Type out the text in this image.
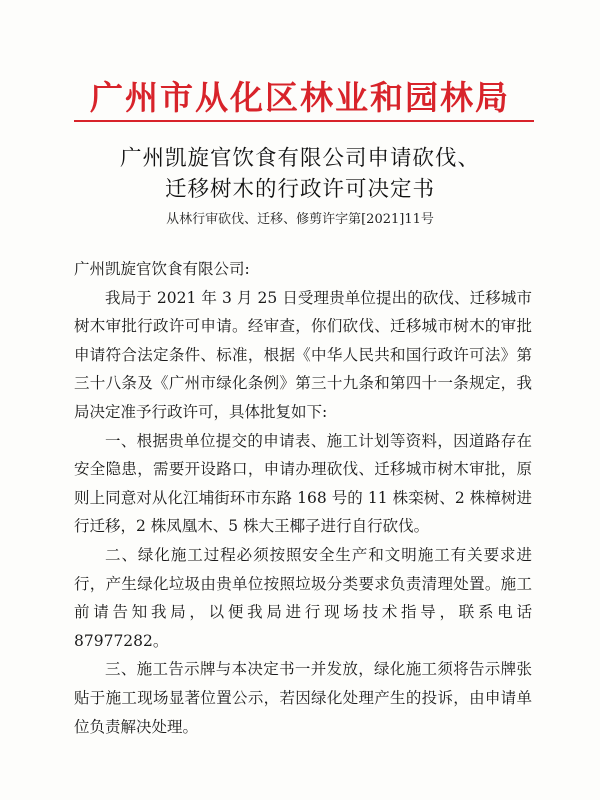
广州市从化区林业和园林局
广州凯旋官饮食有限公司申请砍伐、
迁移树木的行政许可决定书
从林行审砍伐、迁移、修剪许字第[2021]11号

广州凯旋官饮食有限公司:

我局于 2021 年 3 月 25 日受理贵单位提出的砍伐、迁移城市树木审批行政许可申请。经审查，你们砍伐、迁移城市树木的审批申请符合法定条件、标准，根据《中华人民共和国行政许可法》第三十八条及《广州市绿化条例》第三十九条和第四十一条规定，我局决定准予行政许可，具体批复如下:

一、根据贵单位提交的申请表、施工计划等资料，因道路存在安全隐患，需要开设路口，申请办理砍伐、迁移城市树木审批，原则上同意对从化江埔街环市东路 168 号的 11 株栾树、2 株樟树进行迁移，2 株凤凰木、5 株大王椰子进行自行砍伐。

二、绿化施工过程必须按照安全生产和文明施工有关要求进行，产生绿化垃圾由贵单位按照垃圾分类要求负责清理处置。施工前请告知我局，以便我局进行现场技术指导，联系电话 87977282。

三、施工告示牌与本决定书一并发放，绿化施工须将告示牌张贴于施工现场显著位置公示，若因绿化处理产生的投诉，由申请单位负责解决处理。
